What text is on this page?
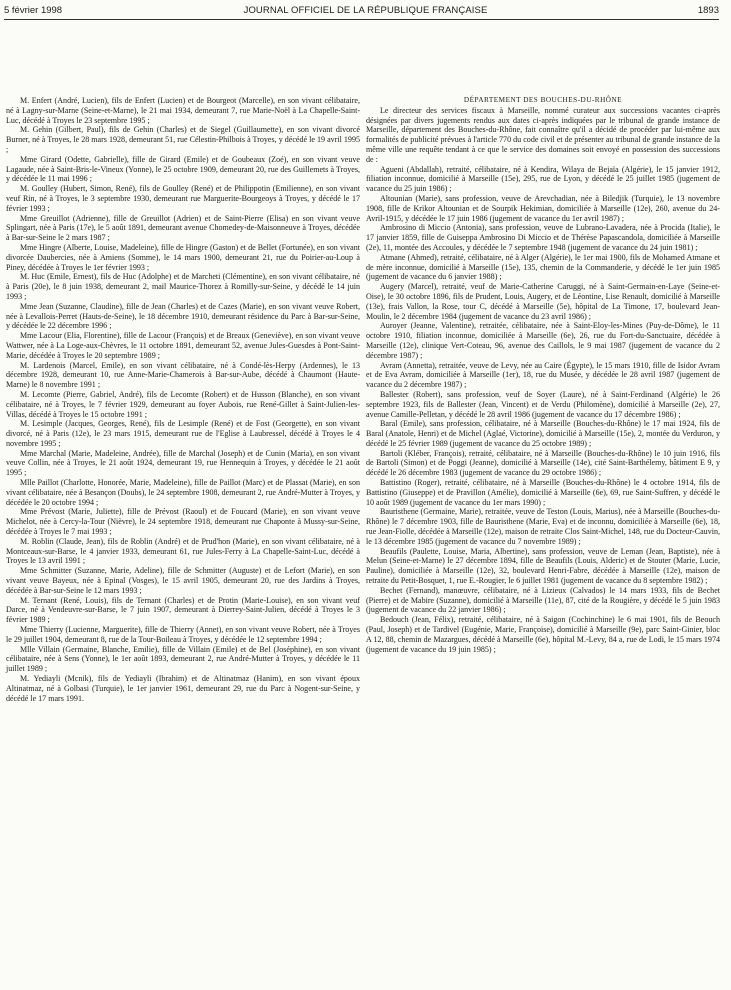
5 février 1998	JOURNAL OFFICIEL DE LA RÉPUBLIQUE FRANÇAISE	1893

M. Enfert (André, Lucien), fils de Enfert (Lucien) et de Bourgeot (Marcelle), en son vivant célibataire, né à Lagny-sur-Marne (Seine-et-Marne), le 21 mai 1934, demeurant 7, rue Marie-Noël à La Chapelle-Saint-Luc, décédé à Troyes le 23 septembre 1995 ;

M. Gehin (Gilbert, Paul), fils de Gehin (Charles) et de Siegel (Guillaumette), en son vivant divorcé Burner, né à Troyes, le 28 mars 1928, demeurant 51, rue Célestin-Philbois à Troyes, y décédé le 19 avril 1995 ;

Mme Girard (Odette, Gabrielle), fille de Girard (Emile) et de Goubeaux (Zoé), en son vivant veuve Lagaude, née à Saint-Bris-le-Vineux (Yonne), le 25 octobre 1909, demeurant 20, rue des Guillemets à Troyes, y décédée le 11 mai 1996 ;

M. Goulley (Hubert, Simon, René), fils de Goulley (René) et de Philippotin (Emilienne), en son vivant veuf Rin, né à Troyes, le 3 septembre 1930, demeurant rue Marguerite-Bourgeoys à Troyes, y décédé le 17 février 1993 ;

Mme Greuillot (Adrienne), fille de Greuillot (Adrien) et de Saint-Pierre (Elisa) en son vivant veuve Splingart, née à Paris (17e), le 5 août 1891, demeurant avenue Chomedey-de-Maisonneuve à Troyes, décédée à Bar-sur-Seine le 2 mars 1987 ;

Mme Hingre (Alberte, Louise, Madeleine), fille de Hingre (Gaston) et de Bellet (Fortunée), en son vivant divorcée Daubercies, née à Amiens (Somme), le 14 mars 1900, demeurant 21, rue du Poirier-au-Loup à Piney, décédée à Troyes le 1er février 1993 ;

M. Huc (Emile, Ernest), fils de Huc (Adolphe) et de Marcheti (Clémentine), en son vivant célibataire, né à Paris (20e), le 8 juin 1938, demeurant 2, mail Maurice-Thorez à Romilly-sur-Seine, y décédé le 14 juin 1993 ;

Mme Jean (Suzanne, Claudine), fille de Jean (Charles) et de Cazes (Marie), en son vivant veuve Robert, née à Levallois-Perret (Hauts-de-Seine), le 18 décembre 1910, demeurant résidence du Parc à Bar-sur-Seine, y décédée le 22 décembre 1996 ;

Mme Lacour (Elia, Florentine), fille de Lacour (François) et de Breaux (Geneviève), en son vivant veuve Wattwer, née à La Loge-aux-Chèvres, le 11 octobre 1891, demeurant 52, avenue Jules-Guesdes à Pont-Saint-Marie, décédée à Troyes le 20 septembre 1989 ;

M. Lardenois (Marcel, Emile), en son vivant célibataire, né à Condé-lès-Herpy (Ardennes), le 13 décembre 1928, demeurant 10, rue Anne-Marie-Chamerois à Bar-sur-Aube, décédé à Chaumont (Haute-Marne) le 8 novembre 1991 ;

M. Lecomte (Pierre, Gabriel, André), fils de Lecomte (Robert) et de Husson (Blanche), en son vivant célibataire, né à Troyes, le 7 février 1929, demeurant au foyer Aubois, rue René-Gillet à Saint-Julien-les-Villas, décédé à Troyes le 15 octobre 1991 ;

M. Lesimple (Jacques, Georges, René), fils de Lesimple (René) et de Fost (Georgette), en son vivant divorcé, né à Paris (12e), le 23 mars 1915, demeurant rue de l'Eglise à Laubressel, décédé à Troyes le 4 novembre 1995 ;

Mme Marchal (Marie, Madeleine, Andrée), fille de Marchal (Joseph) et de Cunin (Maria), en son vivant veuve Collin, née à Troyes, le 21 août 1924, demeurant 19, rue Hennequin à Troyes, y décédée le 21 août 1995 ;

Mlle Paillot (Charlotte, Honorée, Marie, Madeleine), fille de Paillot (Marc) et de Plassat (Marie), en son vivant célibataire, née à Besançon (Doubs), le 24 septembre 1908, demeurant 2, rue André-Mutter à Troyes, y décédée le 20 octobre 1994 ;

Mme Prévost (Marie, Juliette), fille de Prévost (Raoul) et de Foucard (Marie), en son vivant veuve Michelot, née à Cercy-la-Tour (Nièvre), le 24 septembre 1918, demeurant rue Chaponte à Mussy-sur-Seine, décédée à Troyes le 7 mai 1993 ;

M. Roblin (Claude, Jean), fils de Roblin (André) et de Prud'hon (Marie), en son vivant célibataire, né à Montceaux-sur-Barse, le 4 janvier 1933, demeurant 61, rue Jules-Ferry à La Chapelle-Saint-Luc, décédé à Troyes le 13 avril 1991 ;

Mme Schmitter (Suzanne, Marie, Adeline), fille de Schmitter (Auguste) et de Lefort (Marie), en son vivant veuve Bayeux, née à Epinal (Vosges), le 15 avril 1905, demeurant 20, rue des Jardins à Troyes, décédée à Bar-sur-Seine le 12 mars 1993 ;

M. Ternant (René, Louis), fils de Ternant (Charles) et de Protin (Marie-Louise), en son vivant veuf Darce, né à Vendeuvre-sur-Barse, le 7 juin 1907, demeurant à Dierrey-Saint-Julien, décédé à Troyes le 3 février 1989 ;

Mme Thierry (Lucienne, Marguerite), fille de Thierry (Annet), en son vivant veuve Robert, née à Troyes le 29 juillet 1904, demeurant 8, rue de la Tour-Boileau à Troyes, y décédée le 12 septembre 1994 ;

Mlle Villain (Germaine, Blanche, Emilie), fille de Villain (Emile) et de Bel (Joséphine), en son vivant célibataire, née à Sens (Yonne), le 1er août 1893, demeurant 2, rue André-Mutter à Troyes, y décédée le 11 juillet 1989 ;

M. Yediayli (Mcnik), fils de Yediayli (Ibrahim) et de Altinatmaz (Hanim), en son vivant époux Altinatmaz, né à Golbasi (Turquie), le 1er janvier 1961, demeurant 29, rue du Parc à Nogent-sur-Seine, y décédé le 17 mars 1991.

DÉPARTEMENT DES BOUCHES-DU-RHÔNE

Le directeur des services fiscaux à Marseille, nommé curateur aux successions vacantes ci-après désignées par divers jugements rendus aux dates ci-après indiquées par le tribunal de grande instance de Marseille, département des Bouches-du-Rhône, fait connaître qu'il a décidé de procéder par lui-même aux formalités de publicité prévues à l'article 770 du code civil et de présenter au tribunal de grande instance de la même ville une requête tendant à ce que le service des domaines soit envoyé en possession des successions de :

Agueni (Abdallah), retraité, célibataire, né à Kendira, Wilaya de Bejaïa (Algérie), le 15 janvier 1912, filiation inconnue, domicilié à Marseille (15e), 295, rue de Lyon, y décédé le 25 juillet 1985 (jugement de vacance du 25 juin 1986) ;

Altounian (Marie), sans profession, veuve de Arevchadian, née à Biledjik (Turquie), le 13 novembre 1908, fille de Krikor Altounian et de Sourpik Hekimian, domiciliée à Marseille (12e), 260, avenue du 24-Avril-1915, y décédée le 17 juin 1986 (jugement de vacance du 1er avril 1987) ;

Ambrosino di Miccio (Antonia), sans profession, veuve de Lubrano-Lavadera, née à Procida (Italie), le 17 janvier 1859, fille de Guiseppa Ambrosino Di Miccio et de Thérèse Papascandola, domiciliée à Marseille (2e), 11, montée des Accoules, y décédée le 7 septembre 1948 (jugement de vacance du 24 juin 1981) ;

Atmane (Ahmed), retraité, célibataire, né à Alger (Algérie), le 1er mai 1900, fils de Mohamed Atmane et de mère inconnue, domicilié à Marseille (15e), 135, chemin de la Commanderie, y décédé le 1er juin 1985 (jugement de vacance du 6 janvier 1988) ;

Augery (Marcel), retraité, veuf de Marie-Catherine Caruggi, né à Saint-Germain-en-Laye (Seine-et-Oise), le 30 octobre 1896, fils de Prudent, Louis, Augery, et de Léontine, Lise Renault, domicilié à Marseille (13e), frais Vallon, la Rose, tour C, décédé à Marseille (5e), hôpital de La Timone, 17, boulevard Jean-Moulin, le 2 décembre 1984 (jugement de vacance du 23 avril 1986) ;

Auroyer (Jeanne, Valentine), retraitée, célibataire, née à Saint-Eloy-les-Mines (Puy-de-Dôme), le 11 octobre 1910, filiation inconnue, domiciliée à Marseille (6e), 26, rue du Fort-du-Sanctuaire, décédée à Marseille (12e), clinique Vert-Coteau, 96, avenue des Caillols, le 9 mai 1987 (jugement de vacance du 2 décembre 1987) ;

Avram (Annetta), retraitée, veuve de Levy, née au Caire (Égypte), le 15 mars 1910, fille de Isidor Avram et de Eva Avram, domiciliée à Marseille (1er), 18, rue du Musée, y décédée le 28 avril 1987 (jugement de vacance du 2 décembre 1987) ;

Ballester (Robert), sans profession, veuf de Soyer (Laure), né à Saint-Ferdinand (Algérie) le 26 septembre 1923, fils de Ballester (Jean, Vincent) et de Verdu (Philomène), domicilié à Marseille (2e), 27, avenue Camille-Pelletan, y décédé le 28 avril 1986 (jugement de vacance du 17 décembre 1986) ;

Baral (Emile), sans profession, célibataire, né à Marseille (Bouches-du-Rhône) le 17 mai 1924, fils de Baral (Anatole, Henri) et de Michel (Aglaé, Victorine), domicilié à Marseille (15e), 2, montée du Verduron, y décédé le 25 février 1989 (jugement de vacance du 25 octobre 1989) ;

Bartoli (Kléber, François), retraité, célibataire, né à Marseille (Bouches-du-Rhône) le 10 juin 1916, fils de Bartoli (Simon) et de Poggi (Jeanne), domicilié à Marseille (14e), cité Saint-Barthélemy, bâtiment E 9, y décédé le 26 décembre 1983 (jugement de vacance du 29 octobre 1986) ;

Battistino (Roger), retraité, célibataire, né à Marseille (Bouches-du-Rhône) le 4 octobre 1914, fils de Battistino (Giuseppe) et de Pravillon (Amélie), domicilié à Marseille (6e), 69, rue Saint-Suffren, y décédé le 10 août 1989 (jugement de vacance du 1er mars 1990) ;

Bauristhene (Germaine, Marie), retraitée, veuve de Teston (Louis, Marius), née à Marseille (Bouches-du-Rhône) le 7 décembre 1903, fille de Bauristhene (Marie, Eva) et de inconnu, domiciliée à Marseille (6e), 18, rue Jean-Fiolle, décédée à Marseille (12e), maison de retraite Clos Saint-Michel, 148, rue du Docteur-Cauvin, le 13 décembre 1985 (jugement de vacance du 7 novembre 1989) ;

Beaufils (Paulette, Louise, Maria, Albertine), sans profession, veuve de Leman (Jean, Baptiste), née à Melun (Seine-et-Marne) le 27 décembre 1894, fille de Beaufils (Louis, Alderic) et de Stouter (Marie, Lucie, Pauline), domiciliée à Marseille (12e), 32, boulevard Henri-Fabre, décédée à Marseille (12e), maison de retraite du Petit-Bosquet, 1, rue E.-Rougier, le 6 juillet 1981 (jugement de vacance du 8 septembre 1982) ;

Bechet (Fernand), manœuvre, célibataire, né à Lizieux (Calvados) le 14 mars 1933, fils de Bechet (Pierre) et de Mabire (Suzanne), domicilié à Marseille (11e), 87, cité de la Rougière, y décédé le 5 juin 1983 (jugement de vacance du 22 janvier 1986) ;

Bedouch (Jean, Félix), retraité, célibataire, né à Saigon (Cochinchine) le 6 mai 1901, fils de Beouch (Paul, Joseph) et de Tardivel (Eugénie, Marie, Françoise), domicilié à Marseille (9e), parc Saint-Ginier, bloc A 12, 88, chemin de Mazargues, décédé à Marseille (6e), hôpital M.-Levy, 84 a, rue de Lodi, le 15 mars 1974 (jugement de vacance du 19 juin 1985) ;
